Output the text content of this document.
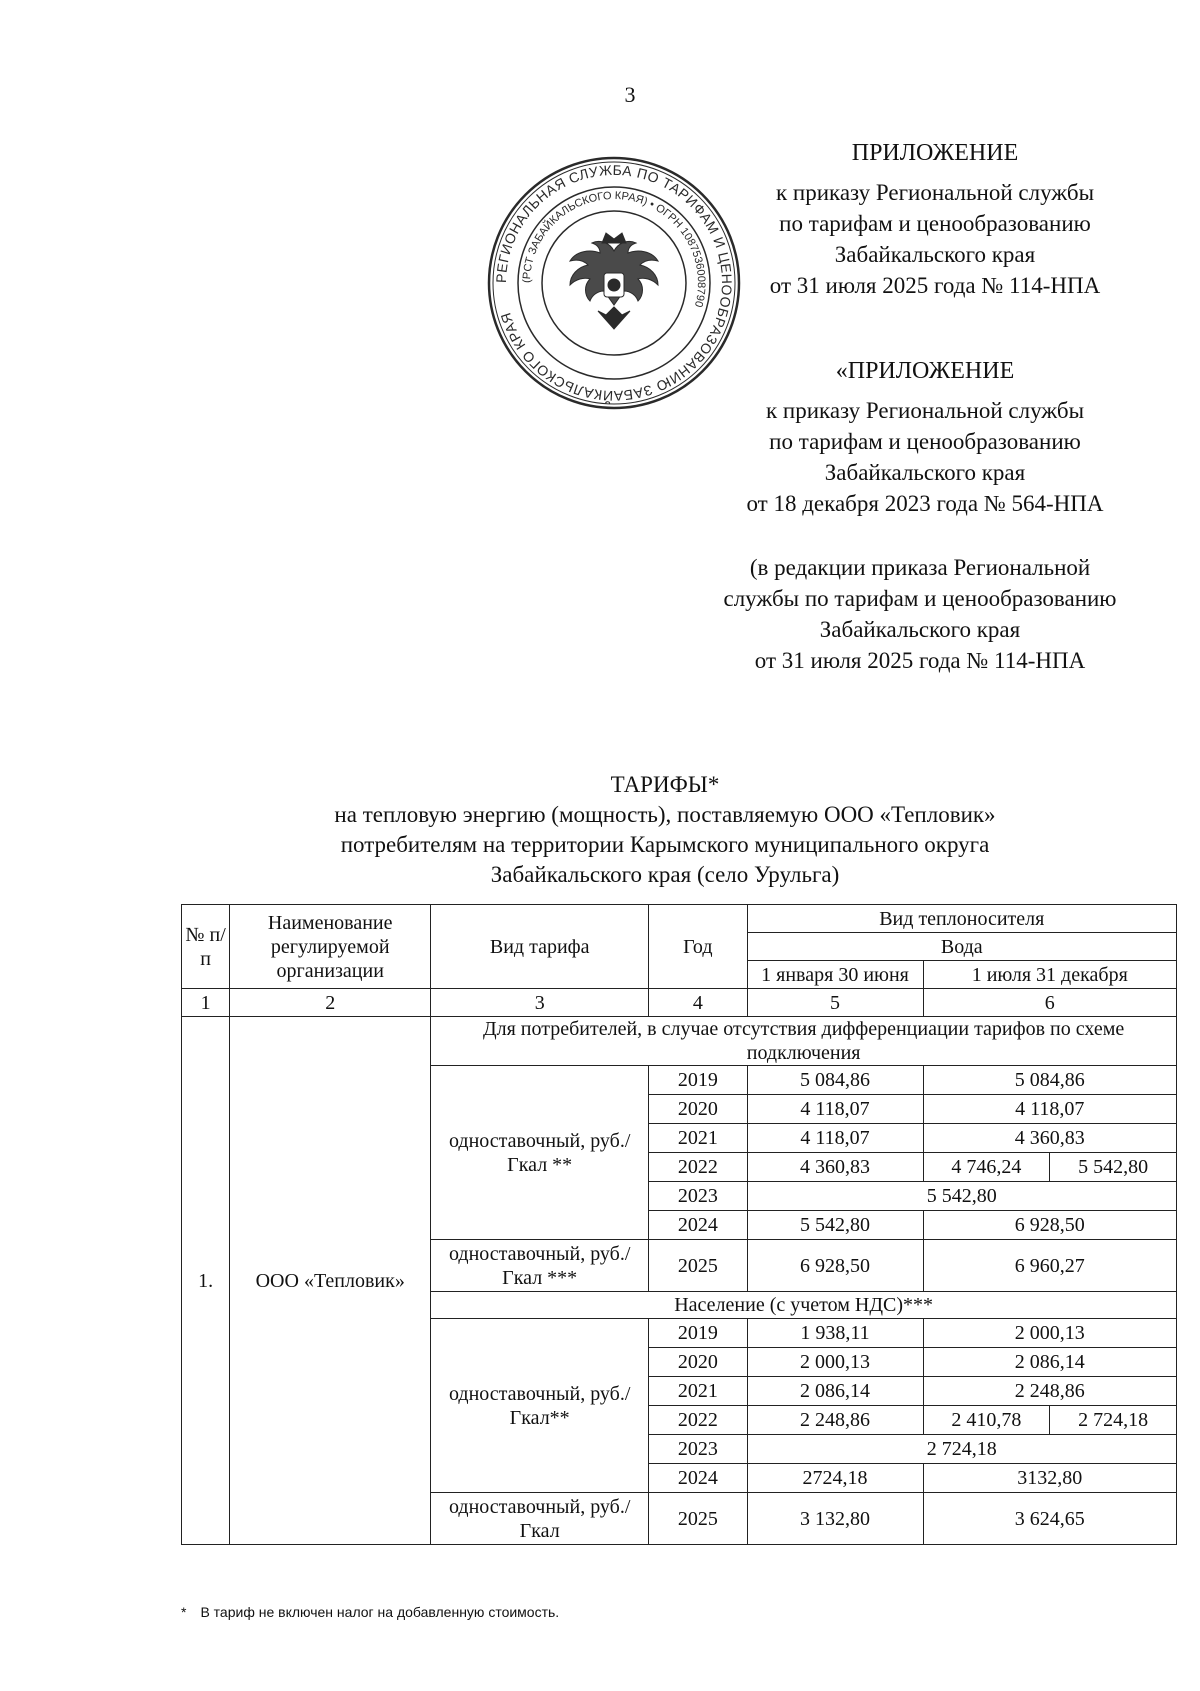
3
РЕГИОНАЛЬНАЯ СЛУЖБА ПО ТАРИФАМ И ЦЕНООБРАЗОВАНИЮ ЗАБАЙКАЛЬСКОГО КРАЯ
(РСТ ЗАБАЙКАЛЬСКОГО КРАЯ) • ОГРН 1087536008790
ПРИЛОЖЕНИЕ
к приказу Региональной службы
по тарифам и ценообразованию
Забайкальского края
от 31 июля 2025 года № 114-НПА
«ПРИЛОЖЕНИЕ
к приказу Региональной службы
по тарифам и ценообразованию
Забайкальского края
от 18 декабря 2023 года № 564-НПА
(в редакции приказа Региональной
службы по тарифам и ценообразованию
Забайкальского края
от 31 июля 2025 года № 114-НПА
ТАРИФЫ*
на тепловую энергию (мощность), поставляемую ООО «Тепловик»
потребителям на территории Карымского муниципального округа
Забайкальского края (село Урульга)
№ п/п	Наименование регулируемой организации	Вид тарифа	Год	Вид теплоносителя		
				Вода		
				1 января 30 июня	1 июля 31 декабря	

1	2	3	4	5	6	
1.	ООО «Тепловик»	Для потребителей, в случае отсутствия дифференциации тарифов по схеме подключения				
		одноставочный, руб./Гкал **	2019	5 084,86	5 084,86	
			2020	4 118,07	4 118,07	
			2021	4 118,07	4 360,83	
			2022	4 360,83	4 746,24	5 542,80
			2023	5 542,80		
			2024	5 542,80	6 928,50	
		одноставочный, руб./Гкал ***	2025	6 928,50	6 960,27	
		Население (с учетом НДС)***				
		одноставочный, руб./Гкал**	2019	1 938,11	2 000,13	
			2020	2 000,13	2 086,14	
			2021	2 086,14	2 248,86	
			2022	2 248,86	2 410,78	2 724,18
			2023	2 724,18		
			2024	2724,18	3132,80	
		одноставочный, руб./Гкал	2025	3 132,80	3 624,65	
* В тариф не включен налог на добавленную стоимость.
